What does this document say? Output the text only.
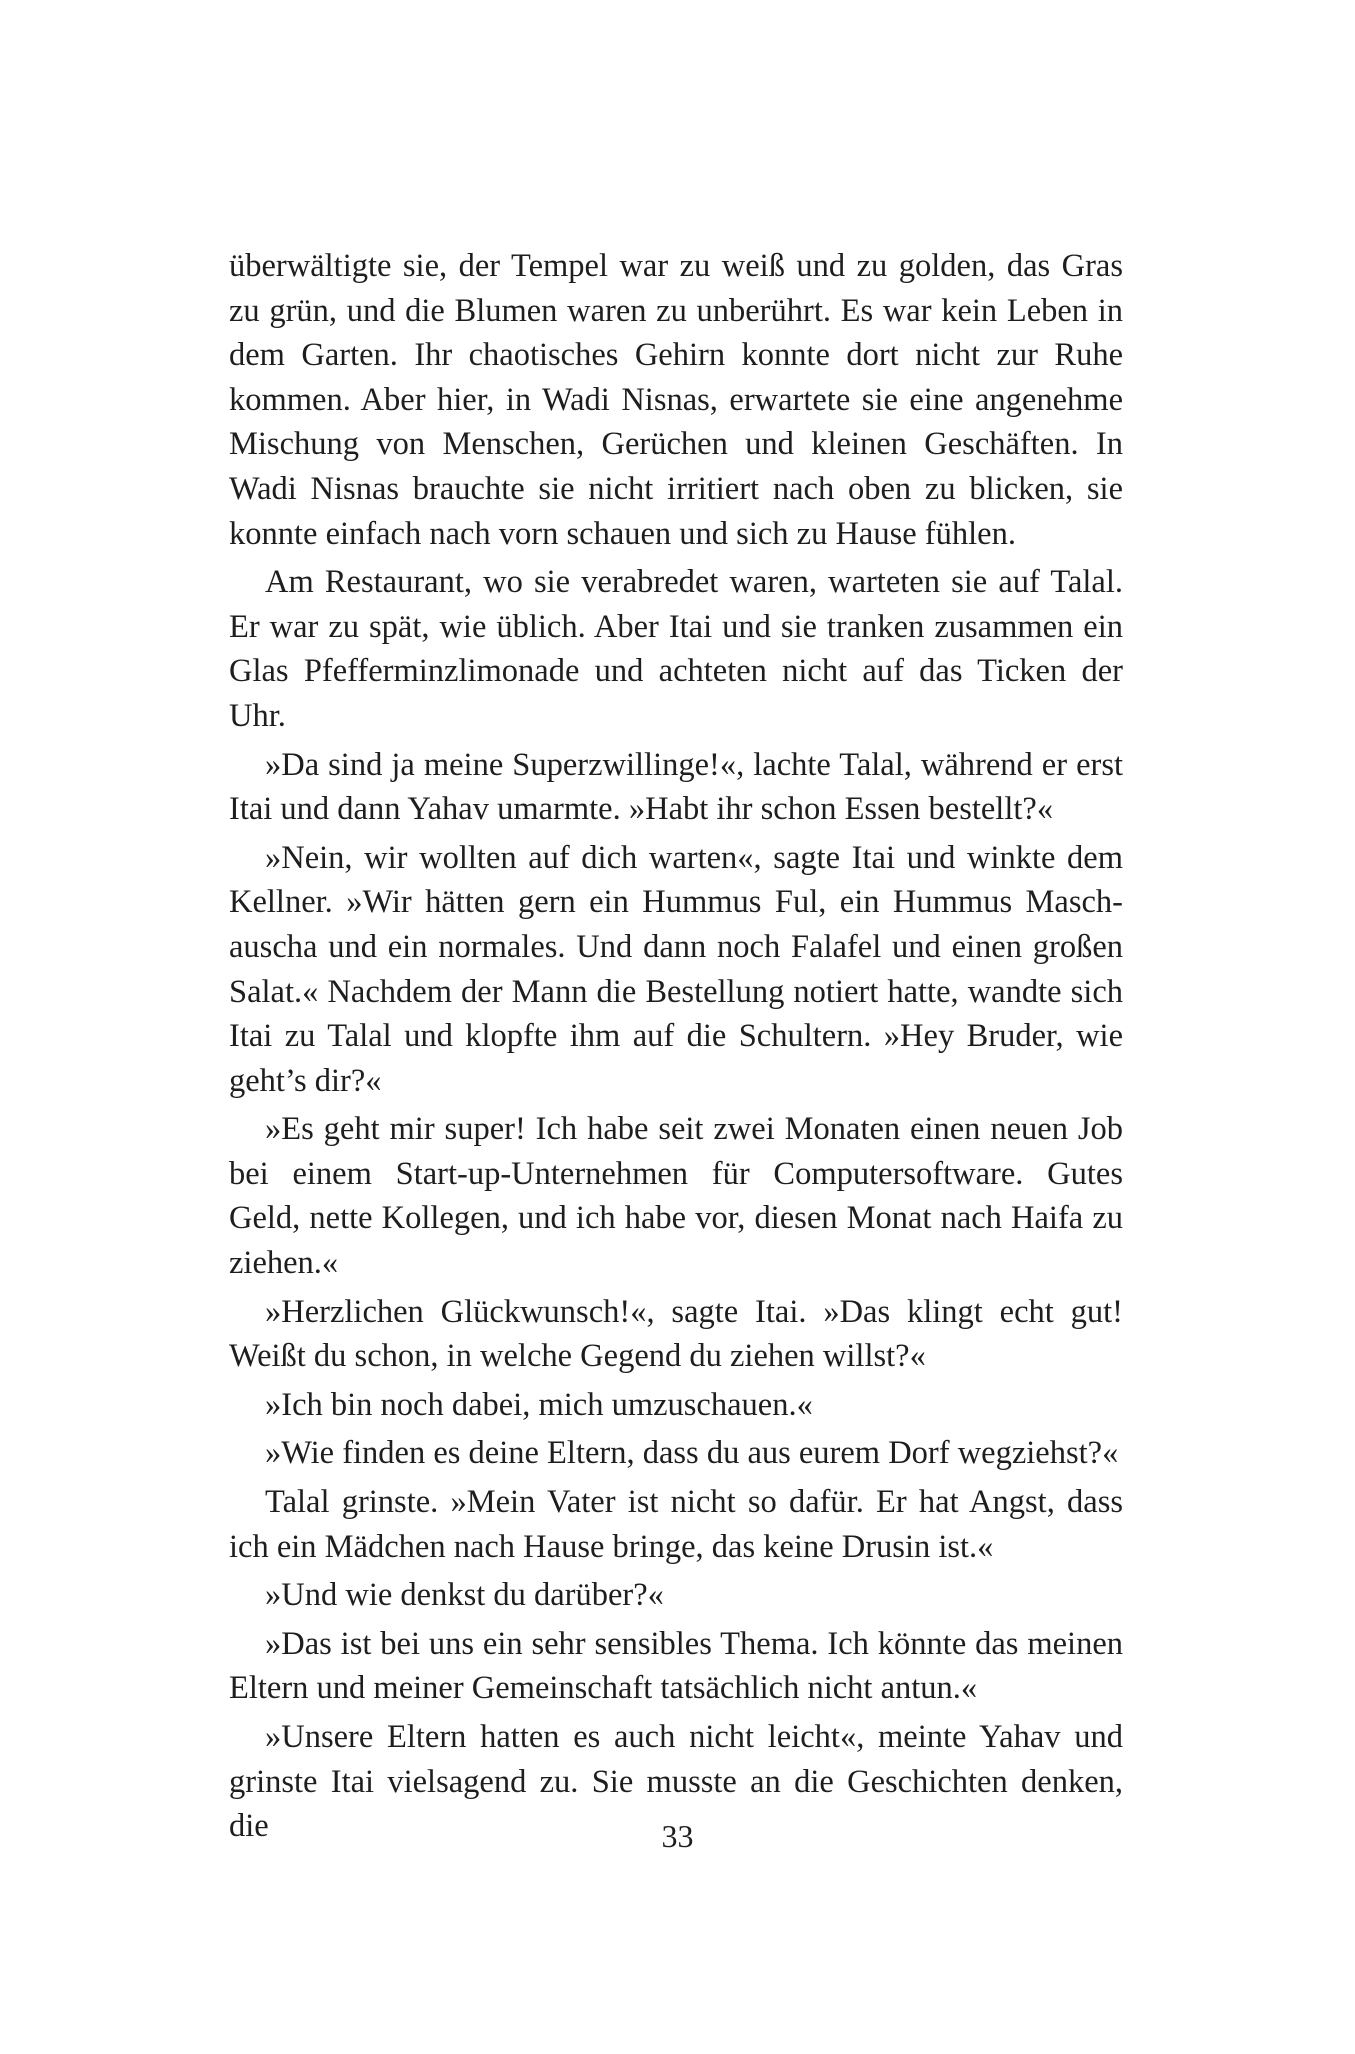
überwältigte sie, der Tempel war zu weiß und zu golden, das Gras zu grün, und die Blumen waren zu unberührt. Es war kein Leben in dem Garten. Ihr chaotisches Gehirn konnte dort nicht zur Ruhe kommen. Aber hier, in Wadi Nisnas, erwartete sie eine angenehme Mischung von Menschen, Gerüchen und kleinen Geschäften. In Wadi Nisnas brauchte sie nicht irritiert nach oben zu blicken, sie konnte einfach nach vorn schauen und sich zu Hause fühlen.

Am Restaurant, wo sie verabredet waren, warteten sie auf Talal. Er war zu spät, wie üblich. Aber Itai und sie tranken zusammen ein Glas Pfefferminzlimonade und achteten nicht auf das Ticken der Uhr.

»Da sind ja meine Superzwillinge!«, lachte Talal, während er erst Itai und dann Yahav umarmte. »Habt ihr schon Essen bestellt?«

»Nein, wir wollten auf dich warten«, sagte Itai und winkte dem Kellner. »Wir hätten gern ein Hummus Ful, ein Hummus Maschauscha und ein normales. Und dann noch Falafel und einen großen Salat.« Nachdem der Mann die Bestellung notiert hatte, wandte sich Itai zu Talal und klopfte ihm auf die Schultern. »Hey Bruder, wie geht’s dir?«

»Es geht mir super! Ich habe seit zwei Monaten einen neuen Job bei einem Start-up-Unternehmen für Computersoftware. Gutes Geld, nette Kollegen, und ich habe vor, diesen Monat nach Haifa zu ziehen.«

»Herzlichen Glückwunsch!«, sagte Itai. »Das klingt echt gut! Weißt du schon, in welche Gegend du ziehen willst?«

»Ich bin noch dabei, mich umzuschauen.«

»Wie finden es deine Eltern, dass du aus eurem Dorf wegziehst?«

Talal grinste. »Mein Vater ist nicht so dafür. Er hat Angst, dass ich ein Mädchen nach Hause bringe, das keine Drusin ist.«

»Und wie denkst du darüber?«

»Das ist bei uns ein sehr sensibles Thema. Ich könnte das meinen Eltern und meiner Gemeinschaft tatsächlich nicht antun.«

»Unsere Eltern hatten es auch nicht leicht«, meinte Yahav und grinste Itai vielsagend zu. Sie musste an die Geschichten denken, die	33
